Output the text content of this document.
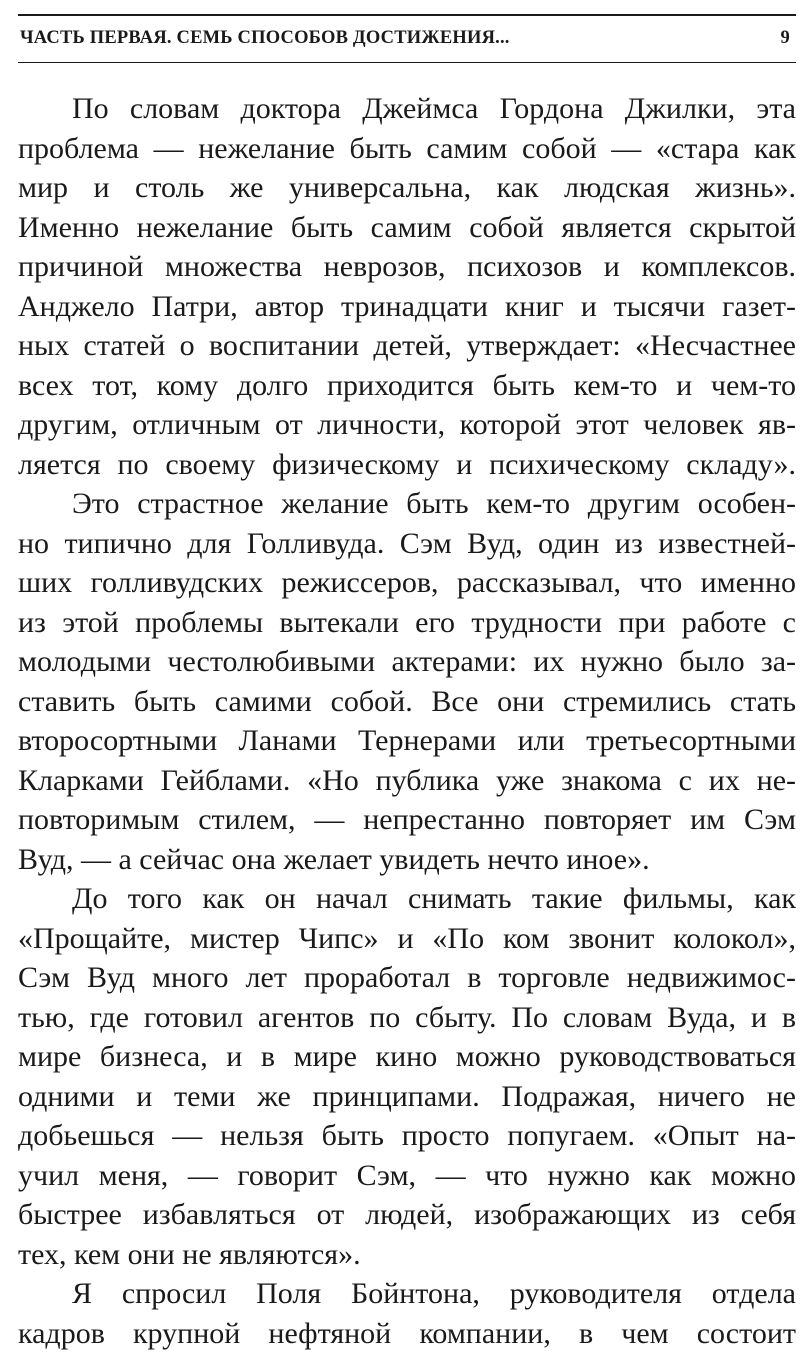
ЧАСТЬ ПЕРВАЯ. СЕМЬ СПОСОБОВ ДОСТИЖЕНИЯ...	9
По словам доктора Джеймса Гордона Джилки, эта
проблема — нежелание быть самим собой — «стара как
мир и столь же универсальна, как людская жизнь».
Именно нежелание быть самим собой является скрытой
причиной множества неврозов, психозов и комплексов.
Анджело Патри, автор тринадцати книг и тысячи газет-
ных статей о воспитании детей, утверждает: «Несчастнее
всех тот, кому долго приходится быть кем-то и чем-то
другим, отличным от личности, которой этот человек яв-
ляется по своему физическому и психическому складу».
Это страстное желание быть кем-то другим особен-
но типично для Голливуда. Сэм Вуд, один из известней-
ших голливудских режиссеров, рассказывал, что именно
из этой проблемы вытекали его трудности при работе с
молодыми честолюбивыми актерами: их нужно было за-
ставить быть самими собой. Все они стремились стать
второсортными Ланами Тернерами или третьесортными
Кларками Гейблами. «Но публика уже знакома с их не-
повторимым стилем, — непрестанно повторяет им Сэм
Вуд, — а сейчас она желает увидеть нечто иное».
До того как он начал снимать такие фильмы, как
«Прощайте, мистер Чипс» и «По ком звонит колокол»,
Сэм Вуд много лет проработал в торговле недвижимос-
тью, где готовил агентов по сбыту. По словам Вуда, и в
мире бизнеса, и в мире кино можно руководствоваться
одними и теми же принципами. Подражая, ничего не
добьешься — нельзя быть просто попугаем. «Опыт на-
учил меня, — говорит Сэм, — что нужно как можно
быстрее избавляться от людей, изображающих из себя
тех, кем они не являются».
Я спросил Поля Бойнтона, руководителя отдела
кадров крупной нефтяной компании, в чем состоит
